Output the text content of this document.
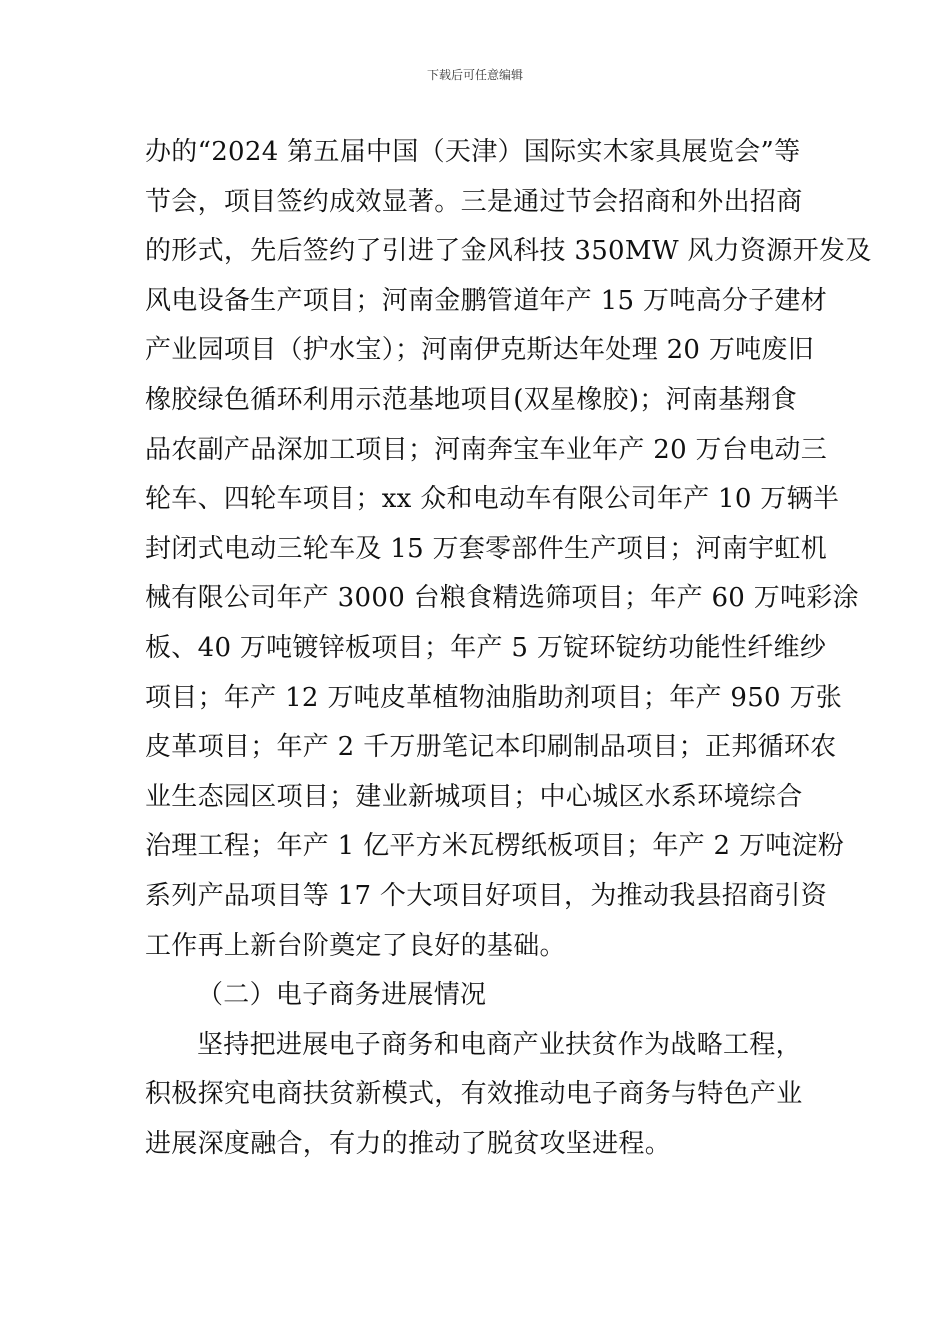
下载后可任意编辑
办的“2024 第五届中国（天津）国际实木家具展览会”等
节会，项目签约成效显著。三是通过节会招商和外出招商
的形式，先后签约了引进了金风科技 350MW 风力资源开发及
风电设备生产项目；河南金鹏管道年产 15 万吨高分子建材
产业园项目（护水宝）；河南伊克斯达年处理 20 万吨废旧
橡胶绿色循环利用示范基地项目(双星橡胶)；河南基翔食
品农副产品深加工项目；河南奔宝车业年产 20 万台电动三
轮车、四轮车项目；xx 众和电动车有限公司年产 10 万辆半
封闭式电动三轮车及 15 万套零部件生产项目；河南宇虹机
械有限公司年产 3000 台粮食精选筛项目；年产 60 万吨彩涂
板、40 万吨镀锌板项目；年产 5 万锭环锭纺功能性纤维纱
项目；年产 12 万吨皮革植物油脂助剂项目；年产 950 万张
皮革项目；年产 2 千万册笔记本印刷制品项目；正邦循环农
业生态园区项目；建业新城项目；中心城区水系环境综合
治理工程；年产 1 亿平方米瓦楞纸板项目；年产 2 万吨淀粉
系列产品项目等 17 个大项目好项目，为推动我县招商引资
工作再上新台阶奠定了良好的基础。
（二）电子商务进展情况
坚持把进展电子商务和电商产业扶贫作为战略工程，
积极探究电商扶贫新模式，有效推动电子商务与特色产业
进展深度融合，有力的推动了脱贫攻坚进程。
